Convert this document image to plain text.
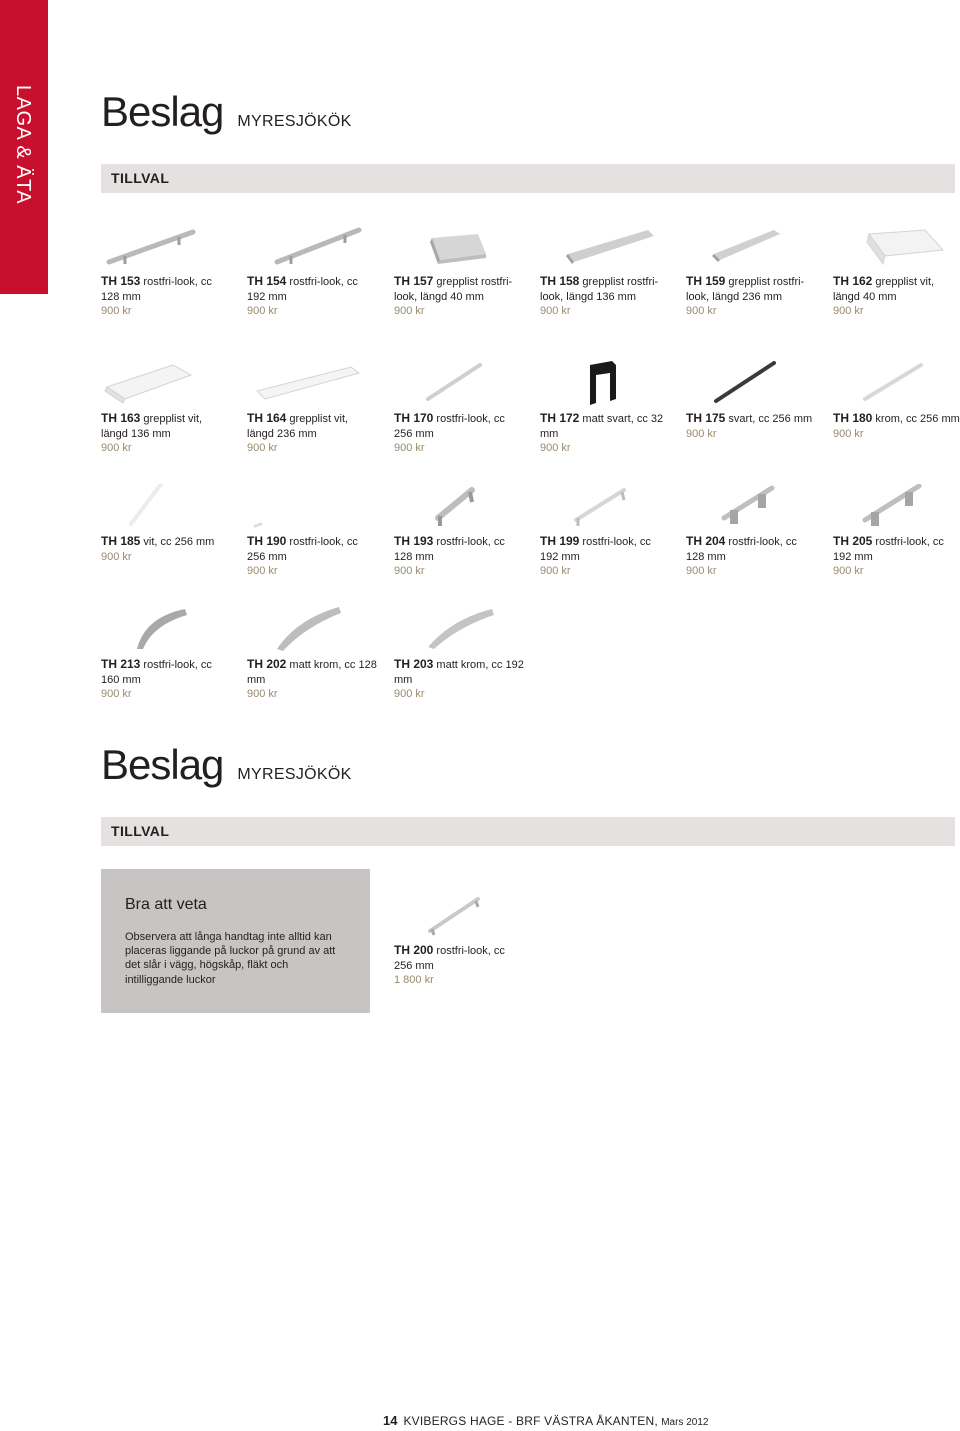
LAGA & ÄTA Beslag MYRESJÖKÖK
TILLVAL
TH 153 rostfri-look, cc 128 mm
900 kr
TH 154 rostfri-look, cc 192 mm
900 kr
TH 157 grepplist rostfri-look, längd 40 mm
900 kr
TH 158 grepplist rostfri-look, längd 136 mm
900 kr
TH 159 grepplist rostfri-look, längd 236 mm
900 kr
TH 162 grepplist vit, längd 40 mm
900 kr
TH 163 grepplist vit, längd 136 mm
900 kr
TH 164 grepplist vit, längd 236 mm
900 kr
TH 170 rostfri-look, cc 256 mm
900 kr
TH 172 matt svart, cc 32 mm
900 kr
TH 175 svart, cc 256 mm
900 kr
TH 180 krom, cc 256 mm
900 kr
TH 185 vit, cc 256 mm
900 kr
TH 190 rostfri-look, cc 256 mm
900 kr
TH 193 rostfri-look, cc 128 mm
900 kr
TH 199 rostfri-look, cc 192 mm
900 kr
TH 204 rostfri-look, cc 128 mm
900 kr
TH 205 rostfri-look, cc 192 mm
900 kr
TH 213 rostfri-look, cc 160 mm
900 kr
TH 202 matt krom, cc 128 mm
900 kr
TH 203 matt krom, cc 192 mm
900 kr
Beslag MYRESJÖKÖK
TILLVAL
Bra att veta
Observera att långa handtag inte alltid kan placeras liggande på luckor på grund av att det slår i vägg, högskåp, fläkt och intilliggande luckor
TH 200 rostfri-look, cc 256 mm
1 800 kr
14 KVIBERGS HAGE - BRF VÄSTRA ÅKANTEN, Mars 2012
